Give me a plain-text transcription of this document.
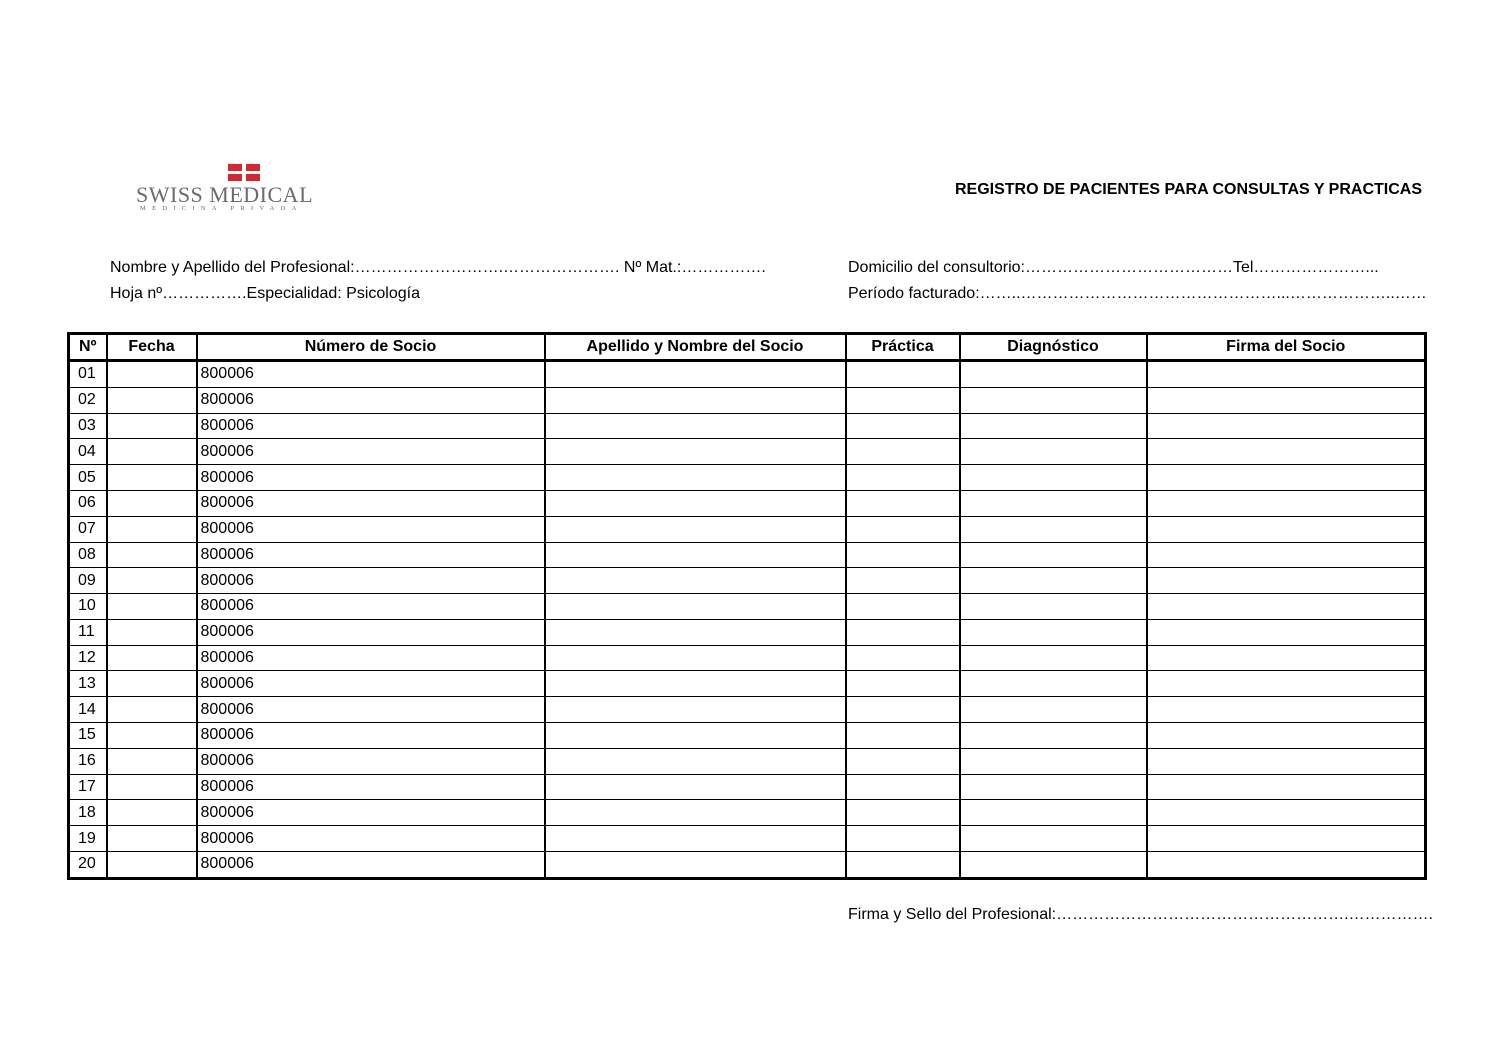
SWISS MEDICAL
MEDICINA PRIVADA
REGISTRO DE PACIENTES PARA CONSULTAS Y PRACTICAS
Nombre y Apellido del Profesional:……………………….…………………. Nº Mat.:…………….
Hoja nº…………….Especialidad: Psicología
Domicilio del consultorio:…………………………………Tel…………………...
Período facturado:……..…………………………………………...………………..……
Nº	Fecha	Número de Socio	Apellido y Nombre del Socio	Práctica	Diagnóstico	Firma del Socio
01		800006				
02		800006				
03		800006				
04		800006				
05		800006				
06		800006				
07		800006				
08		800006				
09		800006				
10		800006				
11		800006				
12		800006				
13		800006				
14		800006				
15		800006				
16		800006				
17		800006				
18		800006				
19		800006				
20		800006				
Firma y Sello del Profesional:……………………………………………….…………….
